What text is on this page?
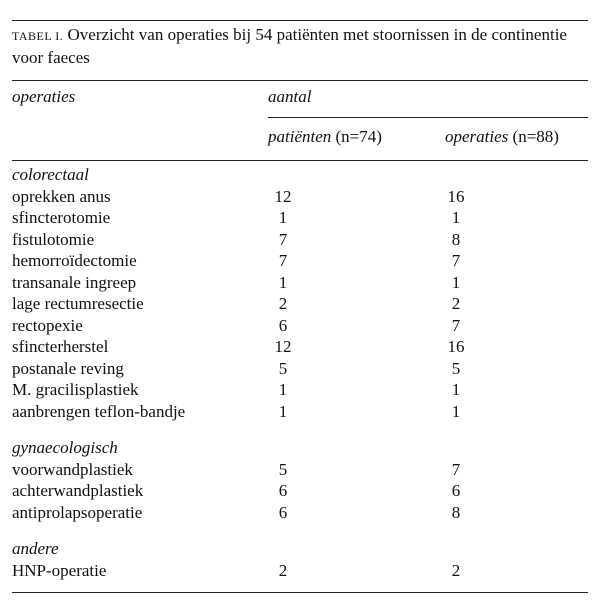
TABEL I. Overzicht van operaties bij 54 patiënten met stoornissen in de continentie voor faeces
operaties	aantal
patiënten (n=74)	operaties (n=88)
colorectaal
oprekken anus	12	16
sfincterotomie	1	1
fistulotomie	7	8
hemorroïdectomie	7	7
transanale ingreep	1	1
lage rectumresectie	2	2
rectopexie	6	7
sfincterherstel	12	16
postanale reving	5	5
M. gracilisplastiek	1	1
aanbrengen teflon-bandje	1	1
gynaecologisch
voorwandplastiek	5	7
achterwandplastiek	6	6
antiprolapsoperatie	6	8
andere
HNP-operatie	2	2
